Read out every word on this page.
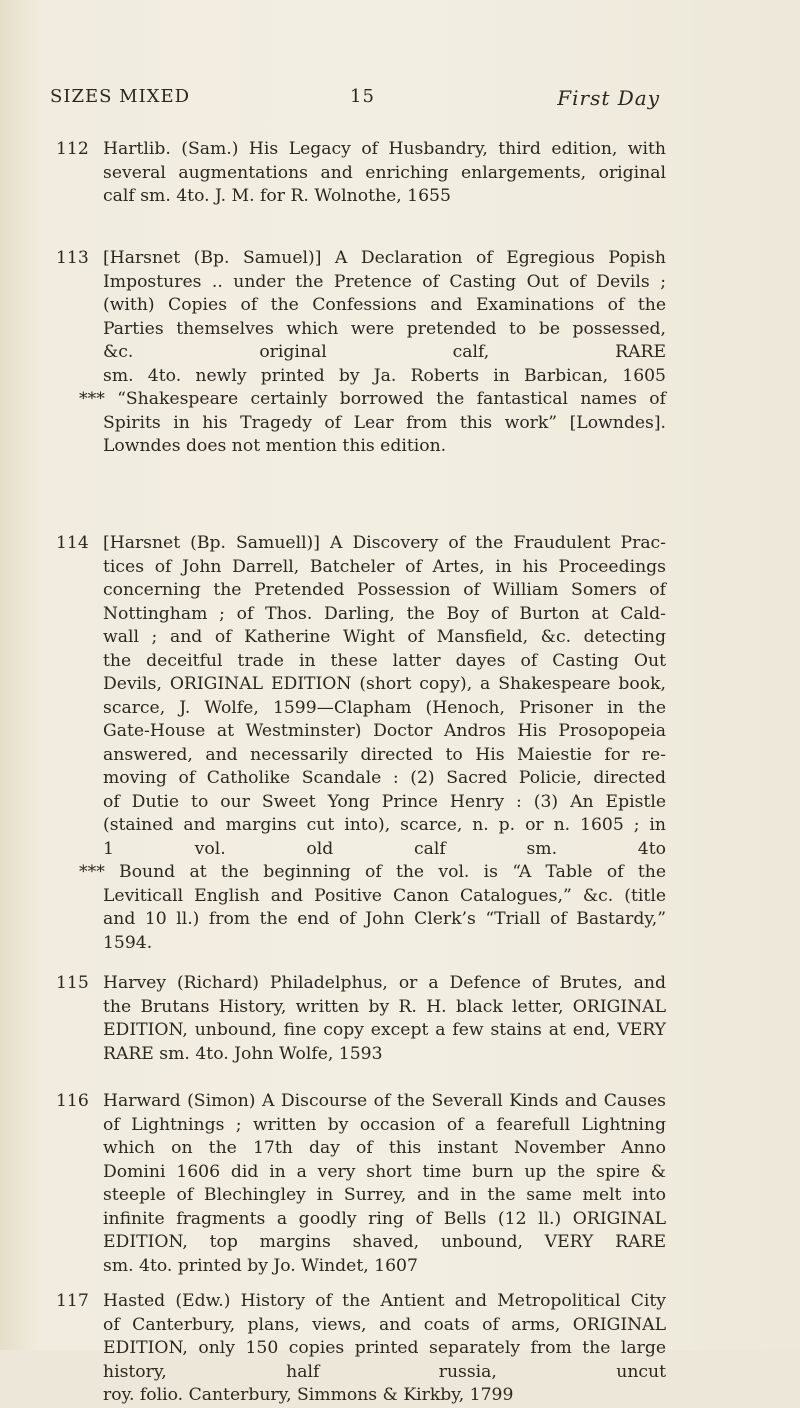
SIZES MIXED	15	First Day
112 Hartlib. (Sam.) His Legacy of Husbandry, third edition, with
several augmentations and enriching enlargements, original
calf sm. 4to. J. M. for R. Wolnothe, 1655
113 [Harsnet (Bp. Samuel)] A Declaration of Egregious Popish
Impostures .. under the Pretence of Casting Out of Devils ;
(with) Copies of the Confessions and Examinations of the
Parties themselves which were pretended to be possessed,
&c. original calf, RARE
sm. 4to. newly printed by Ja. Roberts in Barbican, 1605
*** “Shakespeare certainly borrowed the fantastical names of
Spirits in his Tragedy of Lear from this work” [Lowndes].
Lowndes does not mention this edition.
114 [Harsnet (Bp. Samuell)] A Discovery of the Fraudulent Prac-
tices of John Darrell, Batcheler of Artes, in his Proceedings
concerning the Pretended Possession of William Somers of
Nottingham ; of Thos. Darling, the Boy of Burton at Cald-
wall ; and of Katherine Wight of Mansfield, &c. detecting
the deceitful trade in these latter dayes of Casting Out
Devils, ORIGINAL EDITION (short copy), a Shakespeare book,
scarce, J. Wolfe, 1599—Clapham (Henoch, Prisoner in the
Gate-House at Westminster) Doctor Andros His Prosopopeia
answered, and necessarily directed to His Maiestie for re-
moving of Catholike Scandale : (2) Sacred Policie, directed
of Dutie to our Sweet Yong Prince Henry : (3) An Epistle
(stained and margins cut into), scarce, n. p. or n. 1605 ; in
1 vol. old calf sm. 4to
*** Bound at the beginning of the vol. is “A Table of the
Leviticall English and Positive Canon Catalogues,” &c. (title
and 10 ll.) from the end of John Clerk’s “Triall of Bastardy,”
1594.
115 Harvey (Richard) Philadelphus, or a Defence of Brutes, and
the Brutans History, written by R. H. black letter, ORIGINAL
EDITION, unbound, fine copy except a few stains at end, VERY
RARE sm. 4to. John Wolfe, 1593
116 Harward (Simon) A Discourse of the Severall Kinds and Causes
of Lightnings ; written by occasion of a fearefull Lightning
which on the 17th day of this instant November Anno
Domini 1606 did in a very short time burn up the spire &
steeple of Blechingley in Surrey, and in the same melt into
infinite fragments a goodly ring of Bells (12 ll.) ORIGINAL
EDITION, top margins shaved, unbound, VERY RARE
sm. 4to. printed by Jo. Windet, 1607
117 Hasted (Edw.) History of the Antient and Metropolitical City
of Canterbury, plans, views, and coats of arms, ORIGINAL
EDITION, only 150 copies printed separately from the large
history, half russia, uncut
roy. folio. Canterbury, Simmons & Kirkby, 1799
